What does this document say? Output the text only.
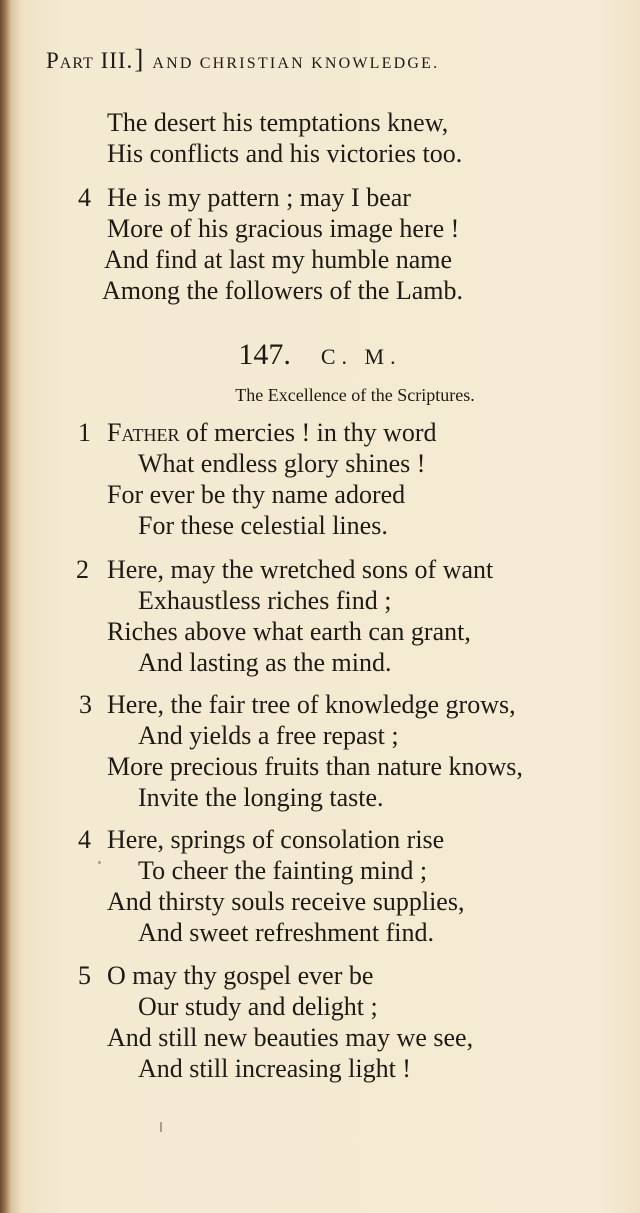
Part III.] AND CHRISTIAN KNOWLEDGE.
The desert his temptations knew,
His conflicts and his victories too.
4 He is my pattern ; may I bear
More of his gracious image here !
And find at last my humble name
Among the followers of the Lamb.
147. C. M.
The Excellence of the Scriptures.
1 Father of mercies ! in thy word
What endless glory shines !
For ever be thy name adored
For these celestial lines.
2 Here, may the wretched sons of want
Exhaustless riches find ;
Riches above what earth can grant,
And lasting as the mind.
3 Here, the fair tree of knowledge grows,
And yields a free repast ;
More precious fruits than nature knows,
Invite the longing taste.
4 Here, springs of consolation rise
To cheer the fainting mind ;
And thirsty souls receive supplies,
And sweet refreshment find.
5 O may thy gospel ever be
Our study and delight ;
And still new beauties may we see,
And still increasing light !
